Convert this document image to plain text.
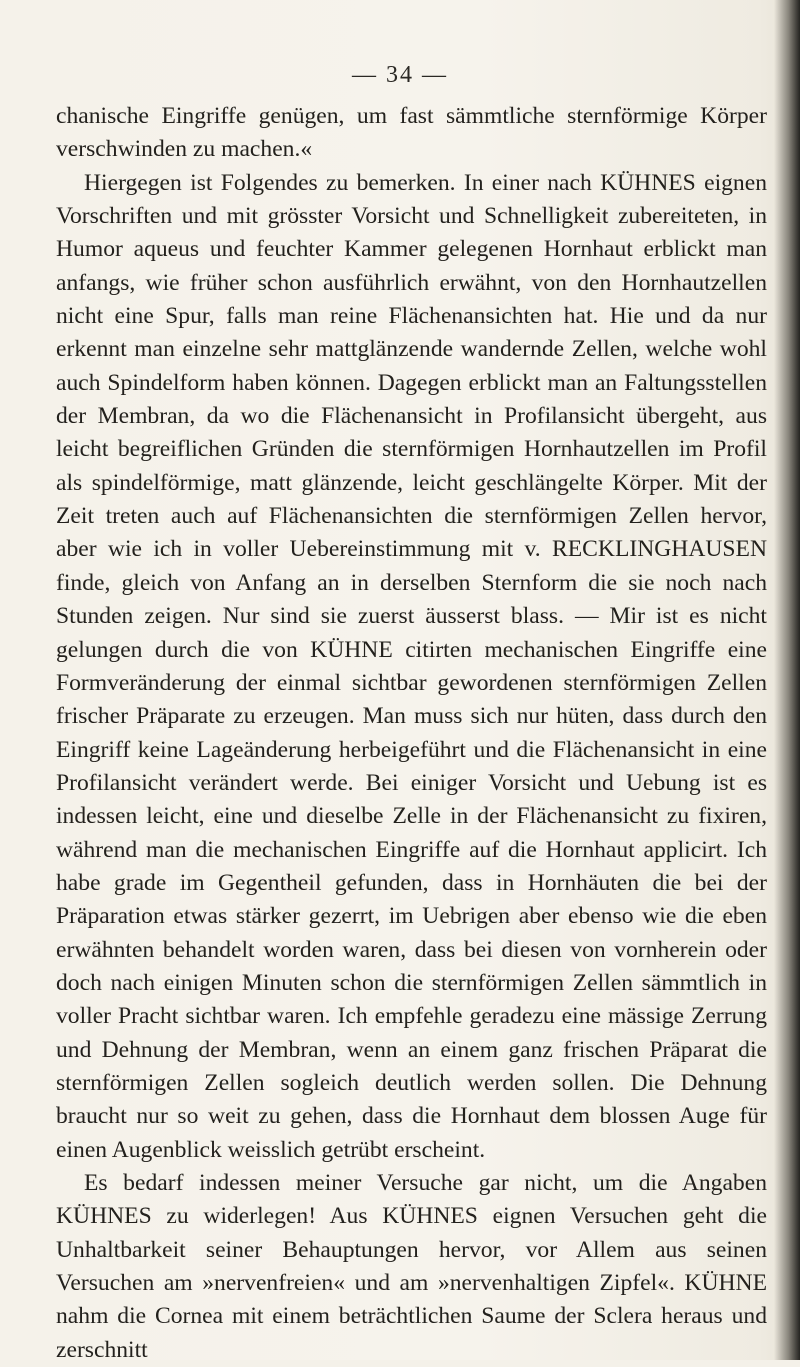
— 34 —

chanische Eingriffe genügen, um fast sämmtliche sternförmige Körper verschwinden zu machen.«

Hiergegen ist Folgendes zu bemerken. In einer nach KÜHNES eignen Vorschriften und mit grösster Vorsicht und Schnelligkeit zubereiteten, in Humor aqueus und feuchter Kammer gelegenen Hornhaut erblickt man anfangs, wie früher schon ausführlich erwähnt, von den Hornhautzellen nicht eine Spur, falls man reine Flächenansichten hat. Hie und da nur erkennt man einzelne sehr mattglänzende wandernde Zellen, welche wohl auch Spindelform haben können. Dagegen erblickt man an Faltungsstellen der Membran, da wo die Flächenansicht in Profilansicht übergeht, aus leicht begreiflichen Gründen die sternförmigen Hornhautzellen im Profil als spindelförmige, matt glänzende, leicht geschlängelte Körper. Mit der Zeit treten auch auf Flächenansichten die sternförmigen Zellen hervor, aber wie ich in voller Uebereinstimmung mit v. RECKLINGHAUSEN finde, gleich von Anfang an in derselben Sternform die sie noch nach Stunden zeigen. Nur sind sie zuerst äusserst blass. — Mir ist es nicht gelungen durch die von KÜHNE citirten mechanischen Eingriffe eine Formveränderung der einmal sichtbar gewordenen sternförmigen Zellen frischer Präparate zu erzeugen. Man muss sich nur hüten, dass durch den Eingriff keine Lageänderung herbeigeführt und die Flächenansicht in eine Profilansicht verändert werde. Bei einiger Vorsicht und Uebung ist es indessen leicht, eine und dieselbe Zelle in der Flächenansicht zu fixiren, während man die mechanischen Eingriffe auf die Hornhaut applicirt. Ich habe grade im Gegentheil gefunden, dass in Hornhäuten die bei der Präparation etwas stärker gezerrt, im Uebrigen aber ebenso wie die eben erwähnten behandelt worden waren, dass bei diesen von vornherein oder doch nach einigen Minuten schon die sternförmigen Zellen sämmtlich in voller Pracht sichtbar waren. Ich empfehle geradezu eine mässige Zerrung und Dehnung der Membran, wenn an einem ganz frischen Präparat die sternförmigen Zellen sogleich deutlich werden sollen. Die Dehnung braucht nur so weit zu gehen, dass die Hornhaut dem blossen Auge für einen Augenblick weisslich getrübt erscheint.

Es bedarf indessen meiner Versuche gar nicht, um die Angaben KÜHNES zu widerlegen! Aus KÜHNES eignen Versuchen geht die Unhaltbarkeit seiner Behauptungen hervor, vor Allem aus seinen Versuchen am »nervenfreien« und am »nervenhaltigen Zipfel«. KÜHNE nahm die Cornea mit einem beträchtlichen Saume der Sclera heraus und zerschnitt
